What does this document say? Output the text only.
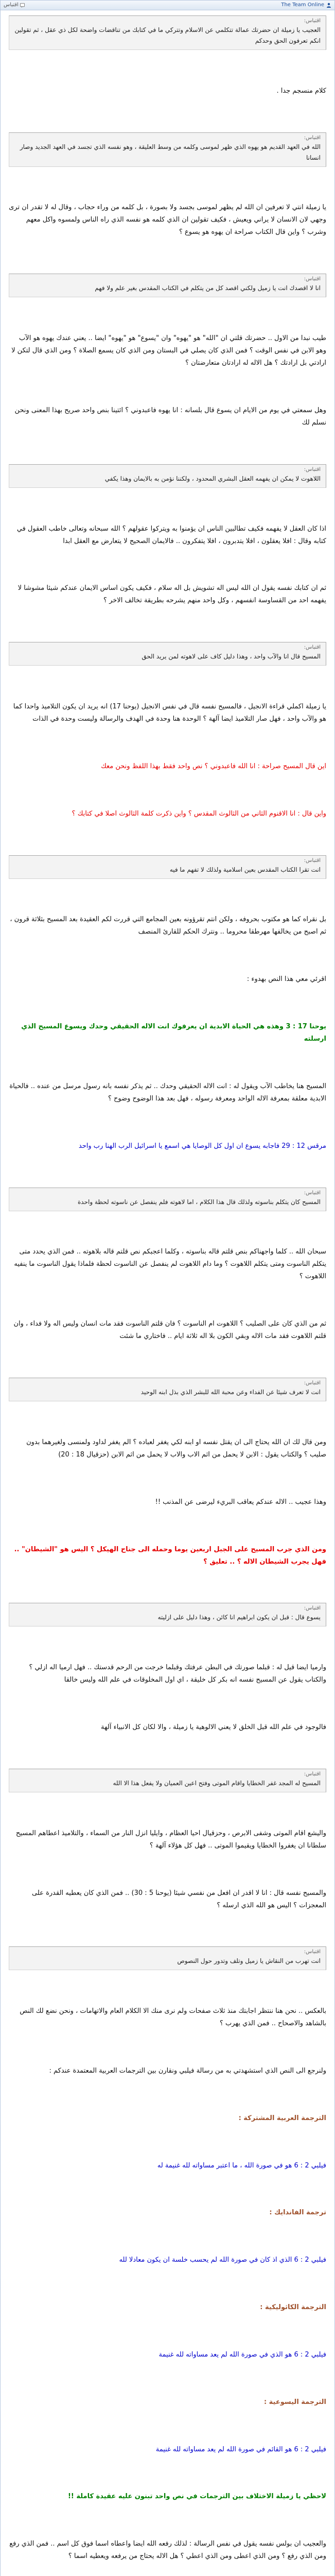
The Team Online
اقتباس
اقتباس:
العجيب يا زميلة ان حضرتك عمالة تتكلمي عن الاسلام وتتركي ما في كتابك من تناقضات واضحة لكل ذي عقل ، ثم تقولين انكم تعرفون الحق وحدكم

كلام منسجم جدا .

اقتباس:
الله في العهد القديم هو يهوه الذي ظهر لموسى وكلمه من وسط العليقة ، وهو نفسه الذي تجسد في العهد الجديد وصار انسانا

يا زميلة انتي لا تعرفين ان الله لم يظهر لموسى بجسد ولا بصورة ، بل كلمه من وراء حجاب ، وقال له لا تقدر ان ترى وجهي لان الانسان لا يراني ويعيش ، فكيف تقولين ان الذي كلمه هو نفسه الذي راه الناس ولمسوه واكل معهم وشرب ؟ واين قال الكتاب صراحة ان يهوه هو يسوع ؟

اقتباس:
انا لا اقصدك انت يا زميل ولكني اقصد كل من يتكلم في الكتاب المقدس بغير علم ولا فهم

طيب نبدا من الاول .. حضرتك قلتي ان "الله" هو "يهوه" وان "يسوع" هو "يهوه" ايضا .. يعني عندك يهوه هو الآب وهو الابن في نفس الوقت ؟ فمن الذي كان يصلي في البستان ومن الذي كان يسمع الصلاة ؟ ومن الذي قال لتكن لا ارادتي بل ارادتك ؟ هل الاله له ارادتان متعارضتان ؟

وهل سمعتي في يوم من الايام ان يسوع قال بلسانه : انا يهوه فاعبدوني ؟ ائتينا بنص واحد صريح بهذا المعنى ونحن نسلم لك

اقتباس:
اللاهوت لا يمكن ان يفهمه العقل البشري المحدود ، ولكننا نؤمن به بالايمان وهذا يكفي

اذا كان العقل لا يفهمه فكيف تطالبين الناس ان يؤمنوا به ويتركوا عقولهم ؟ الله سبحانه وتعالى خاطب العقول في كتابه وقال : افلا يعقلون ، افلا يتدبرون ، افلا يتفكرون .. فالايمان الصحيح لا يتعارض مع العقل ابدا

ثم ان كتابك نفسه يقول ان الله ليس اله تشويش بل اله سلام ، فكيف يكون اساس الايمان عندكم شيئا مشوشا لا يفهمه احد من القساوسة انفسهم ، وكل واحد منهم يشرحه بطريقة تخالف الاخر ؟

اقتباس:
المسيح قال انا والآب واحد ، وهذا دليل كاف على لاهوته لمن يريد الحق

يا زميلة اكملي قراءة الانجيل ، فالمسيح نفسه قال في نفس الانجيل (يوحنا 17) انه يريد ان يكون التلاميذ واحدا كما هو والآب واحد ، فهل صار التلاميذ ايضا آلهة ؟ الوحدة هنا وحدة في الهدف والرسالة وليست وحدة في الذات

اين قال المسيح صراحة : انا الله فاعبدوني ؟ نص واحد فقط بهذا اللفظ ونحن معك

واين قال : انا الاقنوم الثاني من الثالوث المقدس ؟ واين ذكرت كلمة الثالوث اصلا في كتابك ؟

اقتباس:
انت تقرا الكتاب المقدس بعين اسلامية ولذلك لا تفهم ما فيه

بل نقراه كما هو مكتوب بحروفه ، ولكن انتم تقرؤونه بعين المجامع التي قررت لكم العقيدة بعد المسيح بثلاثة قرون ، ثم اصبح من يخالفها مهرطقا محروما .. ونترك الحكم للقارئ المنصف

اقرئي معي هذا النص بهدوء :

يوحنا 17 : 3 وهذه هي الحياة الابدية ان يعرفوك انت الاله الحقيقي وحدك ويسوع المسيح الذي ارسلته

المسيح هنا يخاطب الآب ويقول له : انت الاله الحقيقي وحدك .. ثم يذكر نفسه بانه رسول مرسل من عنده .. فالحياة الابدية معلقة بمعرفة الاله الواحد ومعرفة رسوله ، فهل بعد هذا الوضوح وضوح ؟

مرقس 12 : 29 فاجابه يسوع ان اول كل الوصايا هي اسمع يا اسرائيل الرب الهنا رب واحد

اقتباس:
المسيح كان يتكلم بناسوته ولذلك قال هذا الكلام ، اما لاهوته فلم ينفصل عن ناسوته لحظة واحدة

سبحان الله .. كلما واجهناكم بنص قلتم قاله بناسوته ، وكلما اعجبكم نص قلتم قاله بلاهوته .. فمن الذي يحدد متى يتكلم الناسوت ومتى يتكلم اللاهوت ؟ وما دام اللاهوت لم ينفصل عن الناسوت لحظة فلماذا يقول الناسوت ما ينفيه اللاهوت ؟

ثم من الذي كان على الصليب ؟ اللاهوت ام الناسوت ؟ فان قلتم الناسوت فقد مات انسان وليس اله ولا فداء ، وان قلتم اللاهوت فقد مات الاله وبقي الكون بلا اله ثلاثة ايام .. فاختاري ما شئت

اقتباس:
انت لا تعرف شيئا عن الفداء وعن محبة الله للبشر الذي بذل ابنه الوحيد

ومن قال لك ان الله يحتاج الى ان يقتل نفسه او ابنه لكي يغفر لعباده ؟ الم يغفر لداود ولمنسى ولغيرهما بدون صليب ؟ والكتاب يقول : الابن لا يحمل من اثم الاب والاب لا يحمل من اثم الابن (حزقيال 18 : 20)

وهذا عجيب .. الاله عندكم يعاقب البريء ليرضى عن المذنب !!

ومن الذي جرب المسيح على الجبل اربعين يوما وحمله الى جناح الهيكل ؟ اليس هو "الشيطان" .. فهل يجرب الشيطان الاله ؟ .. تعليق ؟

اقتباس:
يسوع قال : قبل ان يكون ابراهيم انا كائن ، وهذا دليل على ازليته

وارميا ايضا قيل له : قبلما صورتك في البطن عرفتك وقبلما خرجت من الرحم قدستك .. فهل ارميا اله ازلي ؟ والكتاب يقول عن المسيح نفسه انه بكر كل خليقة ، اي اول المخلوقات في علم الله وليس خالقا

فالوجود في علم الله قبل الخلق لا يعني الالوهية يا زميلة ، والا لكان كل الانبياء آلهة

اقتباس:
المسيح له المجد غفر الخطايا واقام الموتى وفتح اعين العميان ولا يفعل هذا الا الله

واليشع اقام الموتى وشفى الابرص ، وحزقيال احيا العظام ، وايليا انزل النار من السماء ، والتلاميذ اعطاهم المسيح سلطانا ان يغفروا الخطايا ويقيموا الموتى .. فهل كل هؤلاء آلهة ؟

والمسيح نفسه قال : انا لا اقدر ان افعل من نفسي شيئا (يوحنا 5 : 30) .. فمن الذي كان يعطيه القدرة على المعجزات ؟ اليس هو الله الذي ارسله ؟

اقتباس:
انت تهرب من النقاش يا زميل وتلف وتدور حول النصوص

بالعكس .. نحن هنا ننتظر اجابتك منذ ثلاث صفحات ولم نرى منك الا الكلام العام والاتهامات ، ونحن نضع لك النص بالشاهد والاصحاح .. فمن الذي يهرب ؟

ولنرجع الى النص الذي استشهدتي به من رسالة فيلبي ونقارن بين الترجمات العربية المعتمدة عندكم :

الترجمة العربية المشتركة :

فيلبي 2 : 6 هو في صورة الله ، ما اعتبر مساواته لله غنيمة له

ترجمة الفاندايك :

فيلبي 2 : 6 الذي اذ كان في صورة الله لم يحسب خلسة ان يكون معادلا لله

الترجمة الكاثوليكية :

فيلبي 2 : 6 هو الذي في صورة الله لم يعد مساواته لله غنيمة

الترجمة اليسوعية :

فيلبي 2 : 6 هو القائم في صورة الله لم يعد مساواته لله غنيمة

لاحظي يا زميلة الاختلاف بين الترجمات في نص واحد تبنون عليه عقيدة كاملة !!

والعجيب ان بولس نفسه يقول في نفس الرسالة : لذلك رفعه الله ايضا واعطاه اسما فوق كل اسم .. فمن الذي رفع ومن الذي رفع ؟ ومن الذي اعطى ومن الذي اعطي ؟ هل الاله يحتاج من يرفعه ويعطيه اسما ؟
